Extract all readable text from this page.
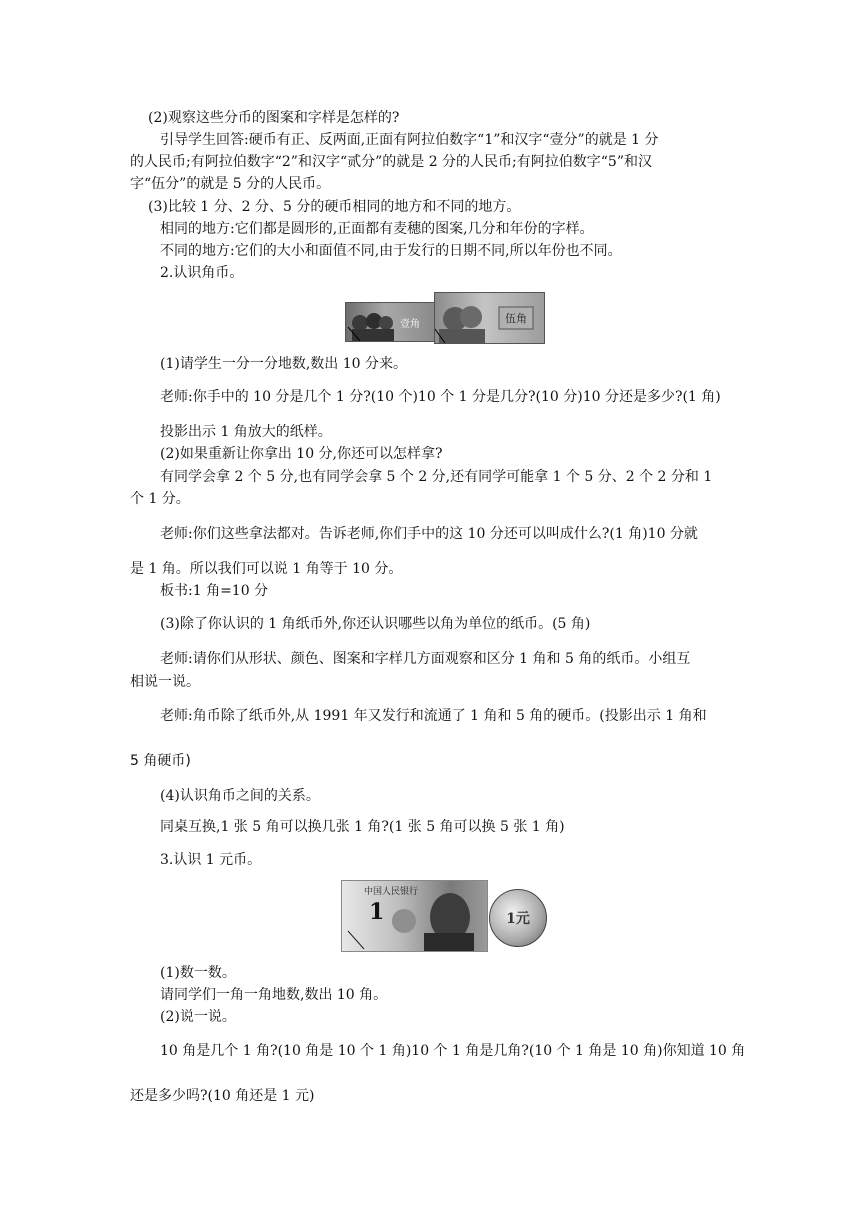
(2)观察这些分币的图案和字样是怎样的?
引导学生回答:硬币有正、反两面,正面有阿拉伯数字“1”和汉字“壹分”的就是 1 分
的人民币;有阿拉伯数字“2”和汉字“贰分”的就是 2 分的人民币;有阿拉伯数字“5”和汉
字“伍分”的就是 5 分的人民币。
(3)比较 1 分、2 分、5 分的硬币相同的地方和不同的地方。
相同的地方:它们都是圆形的,正面都有麦穗的图案,几分和年份的字样。
不同的地方:它们的大小和面值不同,由于发行的日期不同,所以年份也不同。
2.认识角币。
壹角	伍角
(1)请学生一分一分地数,数出 10 分来。
老师:你手中的 10 分是几个 1 分?(10 个)10 个 1 分是几分?(10 分)10 分还是多少?(1 角)
投影出示 1 角放大的纸样。
(2)如果重新让你拿出 10 分,你还可以怎样拿?
有同学会拿 2 个 5 分,也有同学会拿 5 个 2 分,还有同学可能拿 1 个 5 分、2 个 2 分和 1
个 1 分。
老师:你们这些拿法都对。告诉老师,你们手中的这 10 分还可以叫成什么?(1 角)10 分就
是 1 角。所以我们可以说 1 角等于 10 分。
板书:1 角=10 分
(3)除了你认识的 1 角纸币外,你还认识哪些以角为单位的纸币。(5 角)
老师:请你们从形状、颜色、图案和字样几方面观察和区分 1 角和 5 角的纸币。小组互
相说一说。
老师:角币除了纸币外,从 1991 年又发行和流通了 1 角和 5 角的硬币。(投影出示 1 角和
5 角硬币)
(4)认识角币之间的关系。
同桌互换,1 张 5 角可以换几张 1 角?(1 张 5 角可以换 5 张 1 角)
3.认识 1 元币。
中国人民银行
1	1元
(1)数一数。
请同学们一角一角地数,数出 10 角。
(2)说一说。
10 角是几个 1 角?(10 角是 10 个 1 角)10 个 1 角是几角?(10 个 1 角是 10 角)你知道 10 角
还是多少吗?(10 角还是 1 元)
